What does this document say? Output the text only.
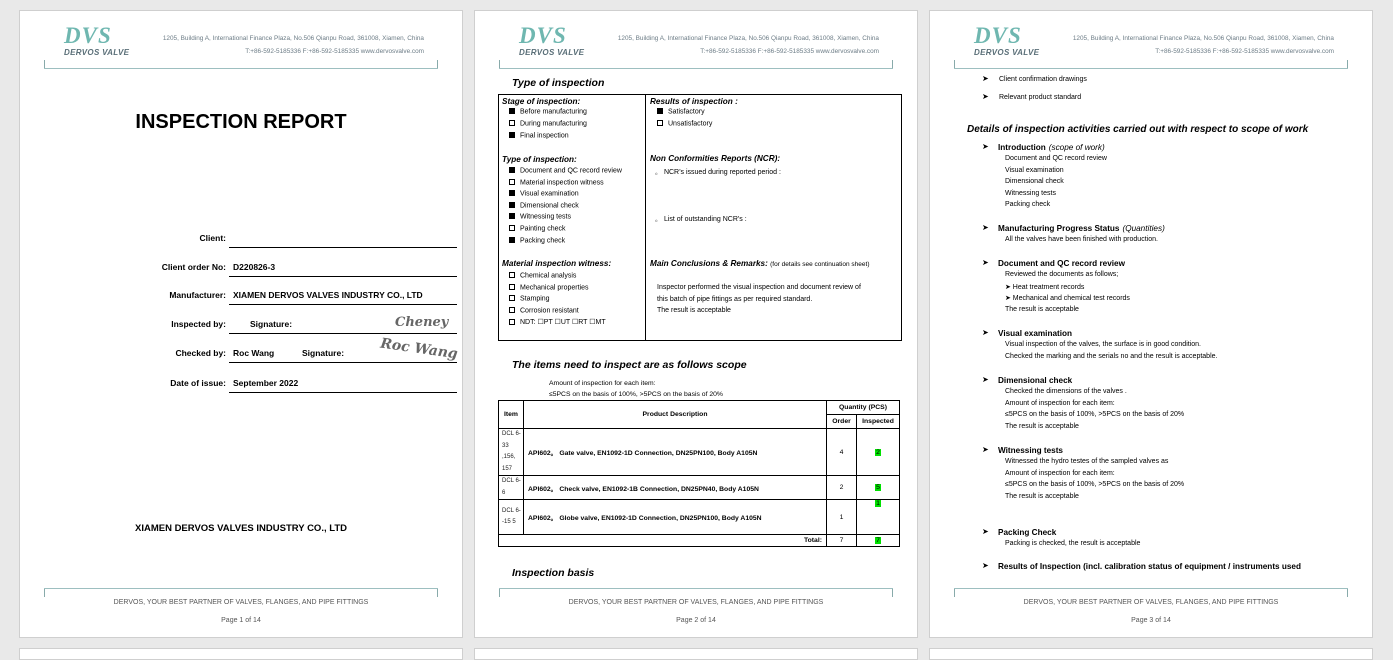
DVS
DERVOS VALVE
1205, Building A, International Finance Plaza, No.506 Qianpu Road, 361008, Xiamen, China
T:+86-592-5185336 F:+86-592-5185335 www.dervosvalve.com
INSPECTION REPORT
Client:
Client order No: D220826-3
Manufacturer: XIAMEN DERVOS VALVES INDUSTRY CO., LTD
Inspected by:	Signature:	Cheney
Checked by: Roc Wang	Signature:	Roc Wang
Date of issue: September 2022
XIAMEN DERVOS VALVES INDUSTRY CO., LTD
DERVOS, YOUR BEST PARTNER OF VALVES, FLANGES, AND PIPE FITTINGS
Page 1 of 14
DVS
DERVOS VALVE
1205, Building A, International Finance Plaza, No.506 Qianpu Road, 361008, Xiamen, China
T:+86-592-5185336 F:+86-592-5185335 www.dervosvalve.com
Type of inspection
Stage of inspection:
Before manufacturing
During manufacturing
Final inspection
Type of inspection:
Document and QC record review
Material inspection witness
Visual examination
Dimensional check
Witnessing tests
Painting check
Packing check
Material inspection witness:
Chemical analysis
Mechanical properties
Stamping
Corrosion resistant
NDT: ☐PT ☐UT ☐RT ☐MT
Results of inspection :
Satisfactory
Unsatisfactory
Non Conformities Reports (NCR):
。 NCR’s issued during reported period :
。 List of outstanding NCR’s :
Main Conclusions & Remarks: (for details see continuation sheet)
Inspector performed the visual inspection and document review of
this batch of pipe fittings as per required standard.
The result is acceptable
The items need to inspect are as follows scope
Amount of inspection for each item:
≤5PCS on the basis of 100%, >5PCS on the basis of 20%
Item	Product Description	Quantity (PCS)	
		Order	Inspected
DCL 6-33 ,156, 157	API602。 Gate valve, EN1092-1D Connection, DN25PN100, Body A105N	4	2
DCL 6-6	API602。 Check valve, EN1092-1B Connection, DN25PN40, Body A105N	2	5
DCL 6--15 5	API602。 Globe valve, EN1092-1D Connection, DN25PN100, Body A105N	1	1
Total:		7	7
Inspection basis
DERVOS, YOUR BEST PARTNER OF VALVES, FLANGES, AND PIPE FITTINGS
Page 2 of 14
DVS
DERVOS VALVE
1205, Building A, International Finance Plaza, No.506 Qianpu Road, 361008, Xiamen, China
T:+86-592-5185336 F:+86-592-5185335 www.dervosvalve.com
➤ Client confirmation drawings
➤ Relevant product standard
Details of inspection activities carried out with respect to scope of work
➤ Introduction (scope of work)
Document and QC record review
Visual examination
Dimensional check
Witnessing tests
Packing check
➤ Manufacturing Progress Status (Quantities)
All the valves have been finished with production.
➤ Document and QC record review
Reviewed the documents as follows;
➤ Heat treatment records
➤ Mechanical and chemical test records
The result is acceptable
➤ Visual examination
Visual inspection of the valves, the surface is in good condition.
Checked the marking and the serials no and the result is acceptable.
➤ Dimensional check
Checked the dimensions of the valves .
Amount of inspection for each item:
≤5PCS on the basis of 100%, >5PCS on the basis of 20%
The result is acceptable
➤ Witnessing tests
Witnessed the hydro testes of the sampled valves as
Amount of inspection for each item:
≤5PCS on the basis of 100%, >5PCS on the basis of 20%
The result is acceptable
➤ Packing Check
Packing is checked, the result is acceptable
➤ Results of Inspection (incl. calibration status of equipment / instruments used
DERVOS, YOUR BEST PARTNER OF VALVES, FLANGES, AND PIPE FITTINGS
Page 3 of 14
